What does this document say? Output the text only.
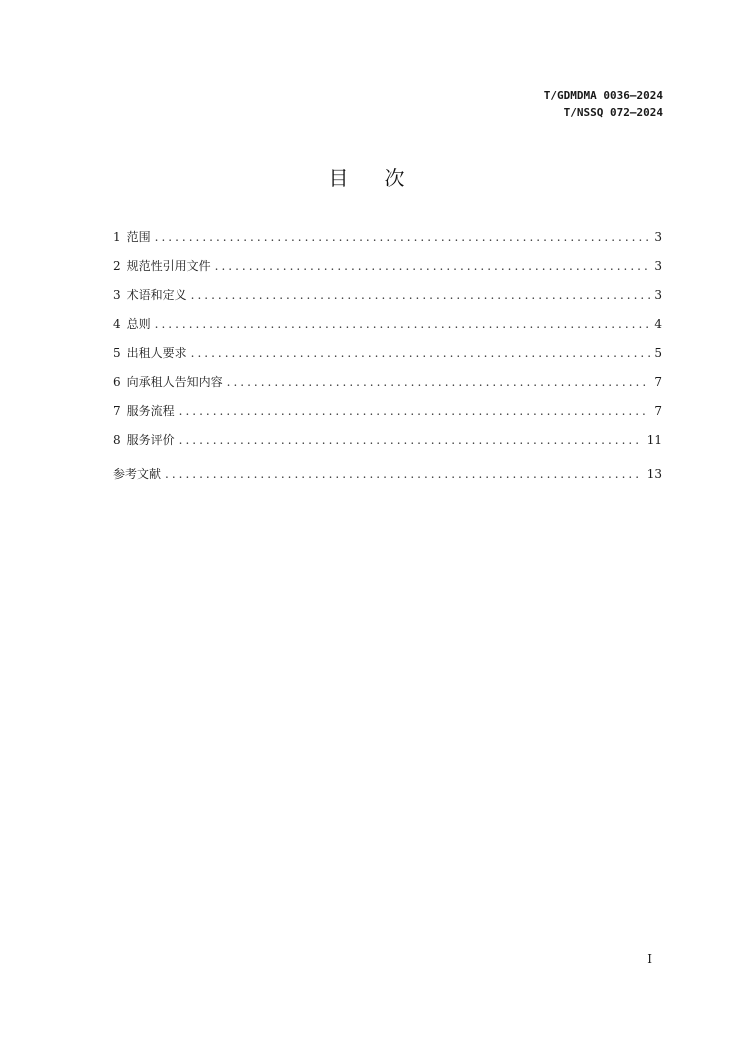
T/GDMDMA 0036—2024
T/NSSQ 072—2024
目次
1 范围 .....	3
2 规范性引用文件 .....	3
3 术语和定义 .....	3
4 总则 .....	4
5 出租人要求 .....	5
6 向承租人告知内容 .....	7
7 服务流程 .....	7
8 服务评价 .....	11
参考文献 .....	13
I
